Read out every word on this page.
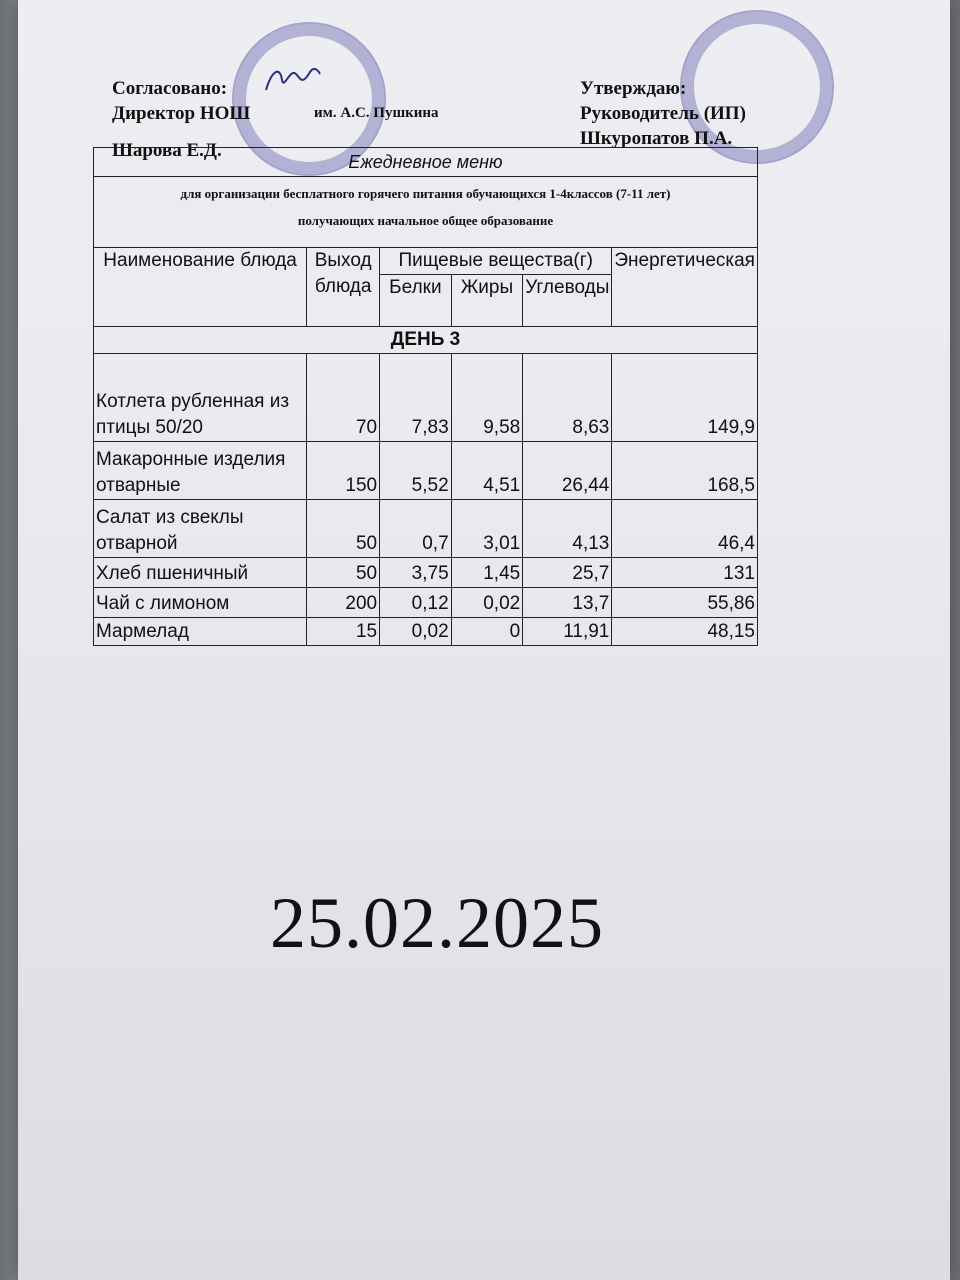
Согласовано:
Директор НОШ	им. А.С. Пушкина
Шарова Е.Д.
Утверждаю:
Руководитель (ИП)
Шкуропатов П.А.
Ежедневное меню					
для организации бесплатного горячего питания обучающихся 1-4классов (7-11 лет)
получающих начальное общее образование					

Наименование блюда	Выход блюда	Пищевые вещества(г)			Энергетическая
		Белки	Жиры	Углеводы	
ДЕНЬ 3					
Котлета рубленная из птицы 50/20	70	7,83	9,58	8,63	149,9
Макаронные изделия отварные	150	5,52	4,51	26,44	168,5
Салат из свеклы отварной	50	0,7	3,01	4,13	46,4
Хлеб пшеничный	50	3,75	1,45	25,7	131
Чай с лимоном	200	0,12	0,02	13,7	55,86
Мармелад	15	0,02	0	11,91	48,15
25.02.2025
